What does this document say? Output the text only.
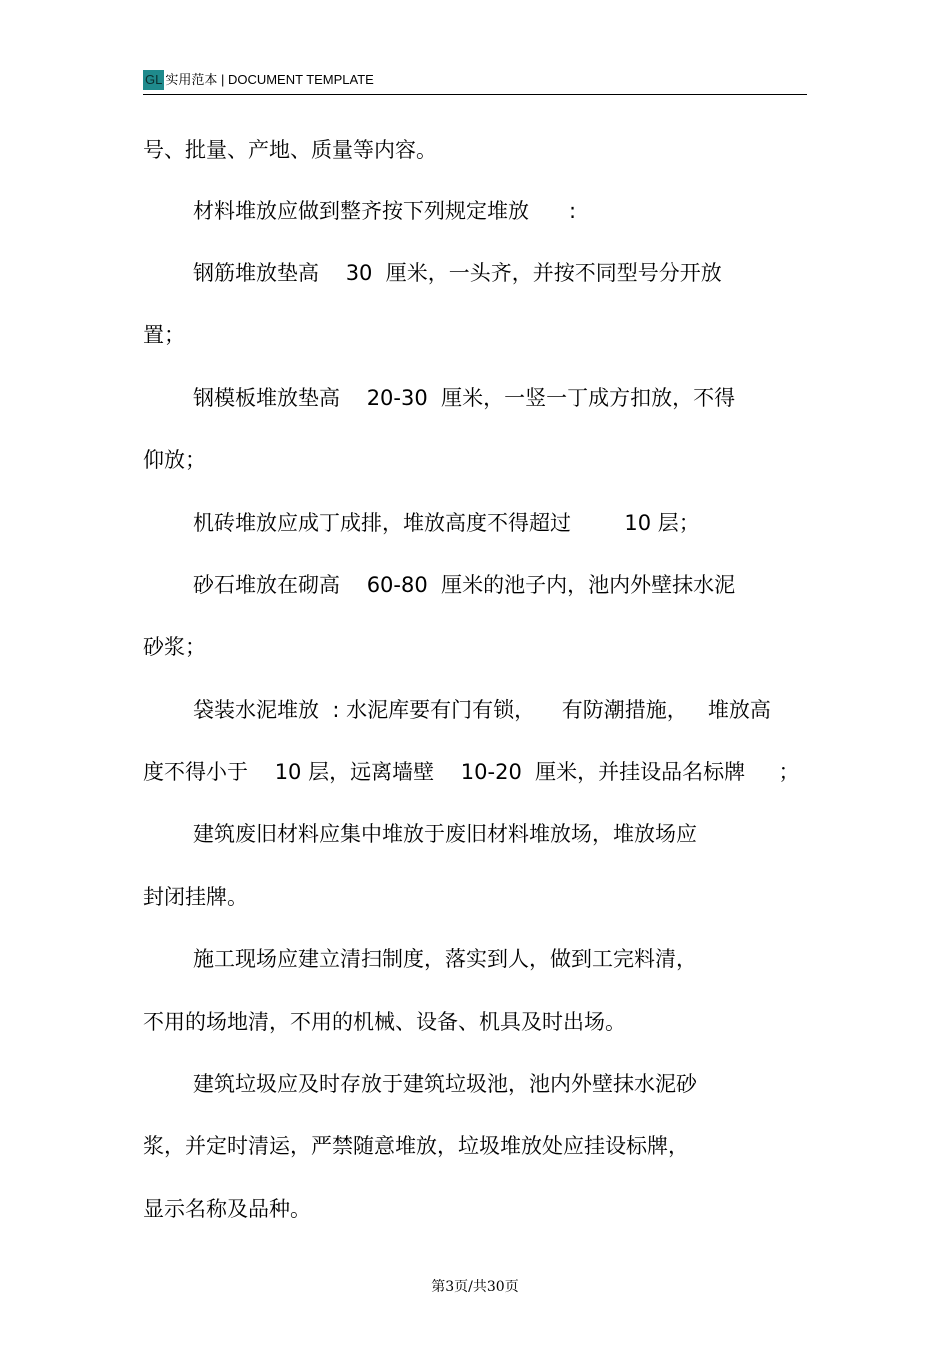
GL 实用范本 | DOCUMENT TEMPLATE
号、批量、产地、质量等内容。
材料堆放应做到整齐按下列规定堆放      :
钢筋堆放垫高    30  厘米，一头齐，并按不同型号分开放
置；
钢模板堆放垫高    20-30  厘米，一竖一丁成方扣放，不得
仰放；
机砖堆放应成丁成排，堆放高度不得超过        10 层；
砂石堆放在砌高    60-80  厘米的池子内，池内外壁抹水泥
砂浆；
袋装水泥堆放  : 水泥库要有门有锁，    有防潮措施，   堆放高
度不得小于    10 层，远离墙壁    10-20  厘米，并挂设品名标牌     ；
建筑废旧材料应集中堆放于废旧材料堆放场，堆放场应
封闭挂牌。
施工现场应建立清扫制度，落实到人，做到工完料清，
不用的场地清，不用的机械、设备、机具及时出场。
建筑垃圾应及时存放于建筑垃圾池，池内外壁抹水泥砂
浆，并定时清运，严禁随意堆放，垃圾堆放处应挂设标牌，
显示名称及品种。
第3页/共30页
